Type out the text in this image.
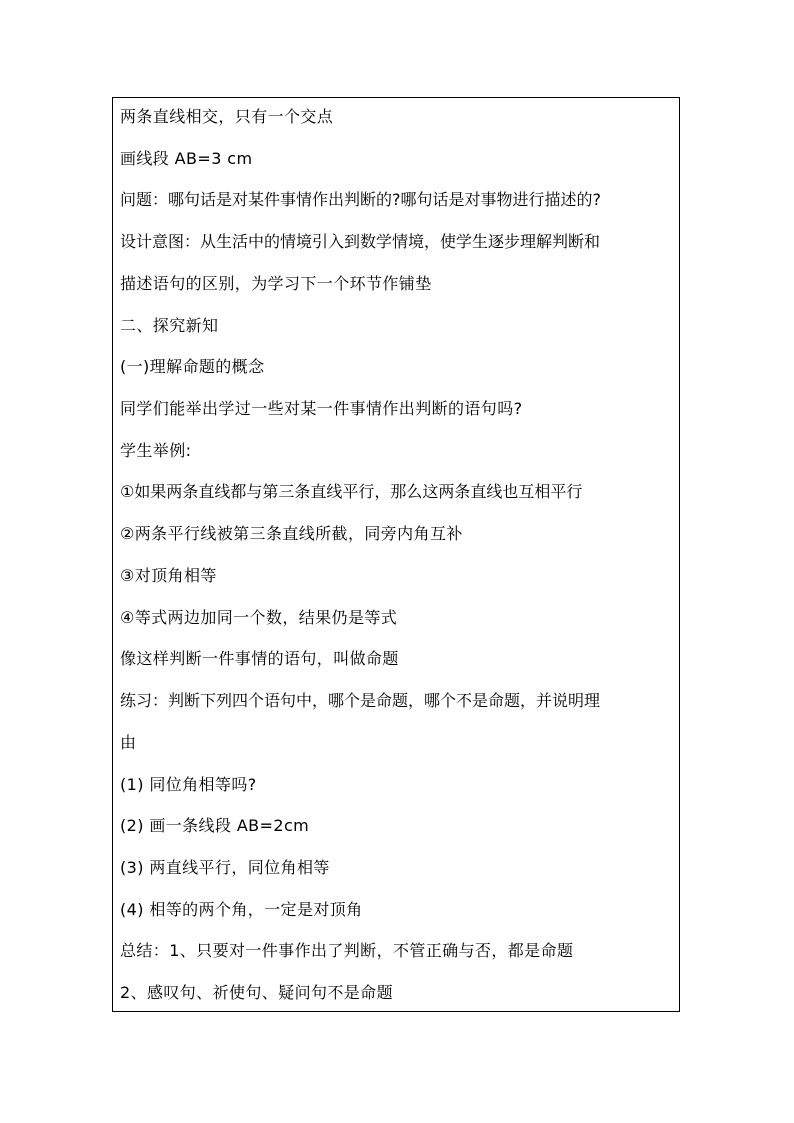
两条直线相交，只有一个交点
画线段 AB=3 cm
问题：哪句话是对某件事情作出判断的?哪句话是对事物进行描述的?
设计意图：从生活中的情境引入到数学情境，使学生逐步理解判断和
描述语句的区别，为学习下一个环节作铺垫
二、探究新知
(一)理解命题的概念
同学们能举出学过一些对某一件事情作出判断的语句吗?
学生举例:
①如果两条直线都与第三条直线平行，那么这两条直线也互相平行
②两条平行线被第三条直线所截，同旁内角互补
③对顶角相等
④等式两边加同一个数，结果仍是等式
像这样判断一件事情的语句，叫做命题
练习：判断下列四个语句中，哪个是命题，哪个不是命题，并说明理
由
(1) 同位角相等吗?
(2) 画一条线段 AB=2cm
(3) 两直线平行，同位角相等
(4) 相等的两个角，一定是对顶角
总结：1、只要对一件事作出了判断，不管正确与否，都是命题
2、感叹句、祈使句、疑问句不是命题
